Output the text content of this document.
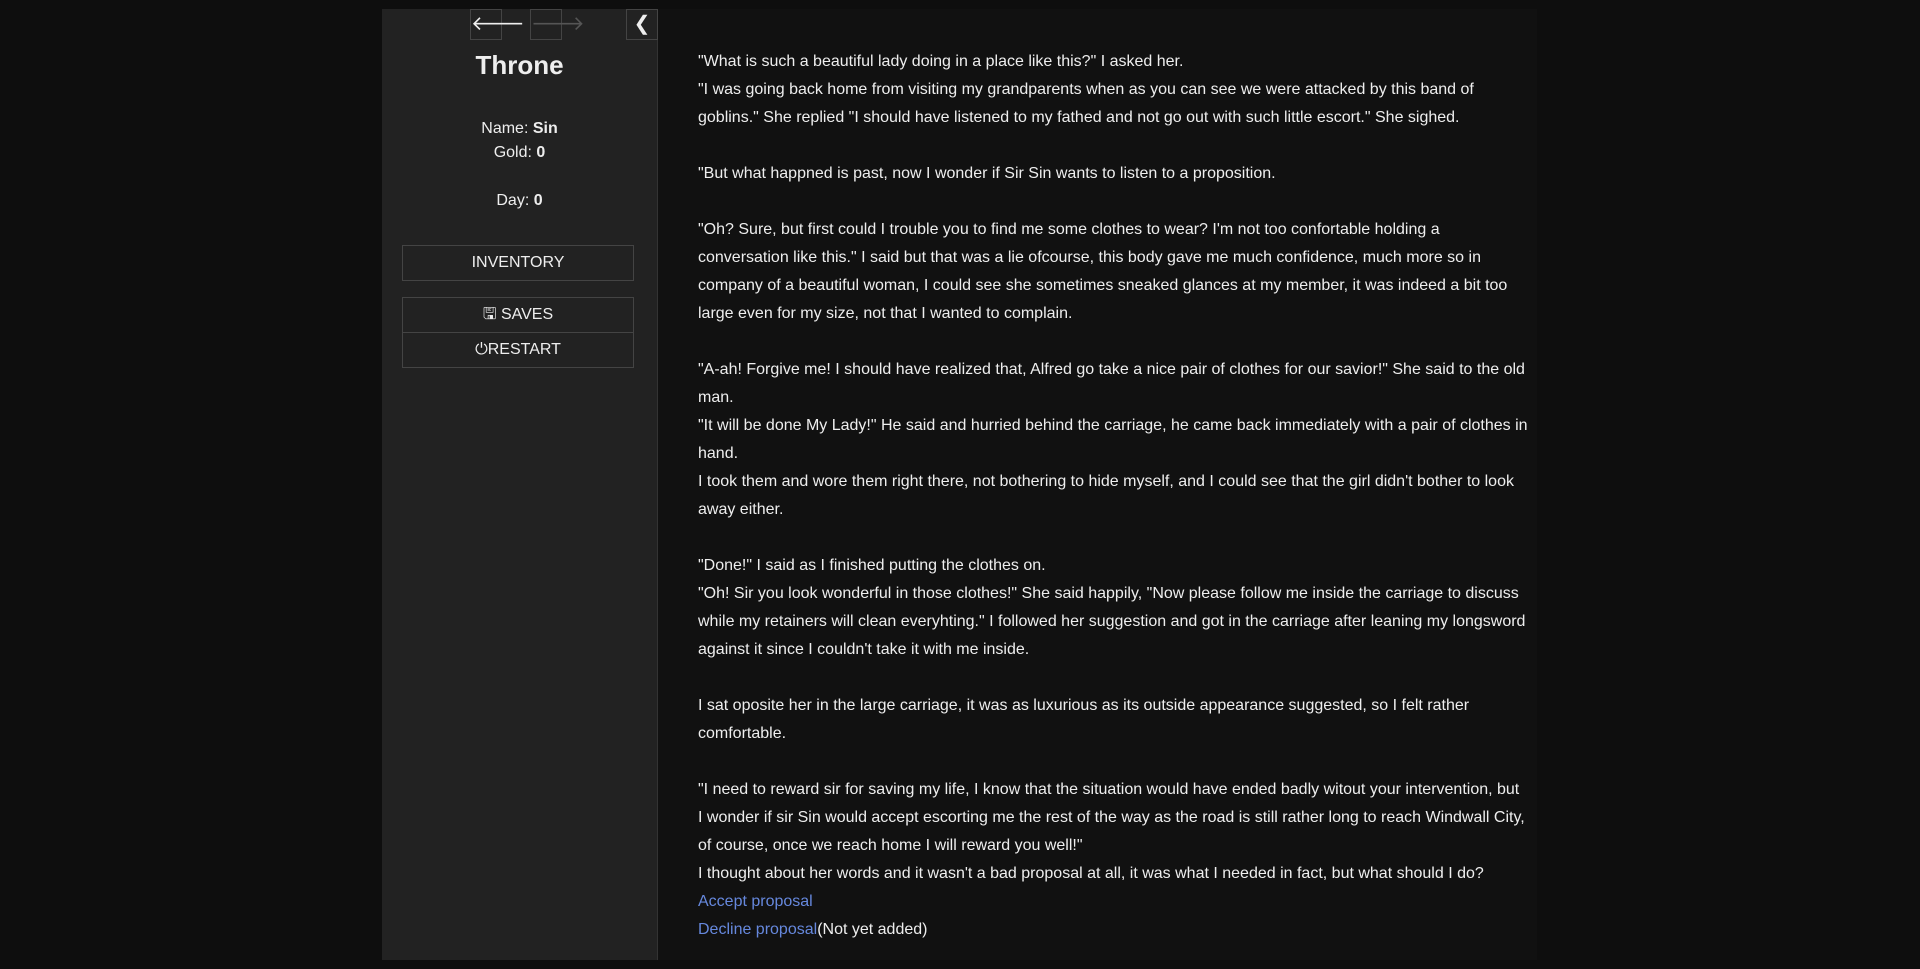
🡐 🡒	❮
Throne
Name: Sin
Gold: 0
Day: 0
INVENTORY
🖫 SAVES
⏻RESTART
"What is such a beautiful lady doing in a place like this?" I asked her.
"I was going back home from visiting my grandparents when as you can see we were attacked by this band of goblins." She replied "I should have listened to my fathed and not go out with such little escort." She sighed.
"But what happned is past, now I wonder if Sir Sin wants to listen to a proposition.
"Oh? Sure, but first could I trouble you to find me some clothes to wear? I'm not too confortable holding a conversation like this." I said but that was a lie ofcourse, this body gave me much confidence, much more so in company of a beautiful woman, I could see she sometimes sneaked glances at my member, it was indeed a bit too large even for my size, not that I wanted to complain.
"A-ah! Forgive me! I should have realized that, Alfred go take a nice pair of clothes for our savior!" She said to the old man.
"It will be done My Lady!" He said and hurried behind the carriage, he came back immediately with a pair of clothes in hand.
I took them and wore them right there, not bothering to hide myself, and I could see that the girl didn't bother to look away either.
"Done!" I said as I finished putting the clothes on.
"Oh! Sir you look wonderful in those clothes!" She said happily, "Now please follow me inside the carriage to discuss while my retainers will clean everyhting." I followed her suggestion and got in the carriage after leaning my longsword against it since I couldn't take it with me inside.
I sat oposite her in the large carriage, it was as luxurious as its outside appearance suggested, so I felt rather comfortable.
"I need to reward sir for saving my life, I know that the situation would have ended badly witout your intervention, but I wonder if sir Sin would accept escorting me the rest of the way as the road is still rather long to reach Windwall City, of course, once we reach home I will reward you well!"
I thought about her words and it wasn't a bad proposal at all, it was what I needed in fact, but what should I do?
Accept proposal
Decline proposal(Not yet added)
